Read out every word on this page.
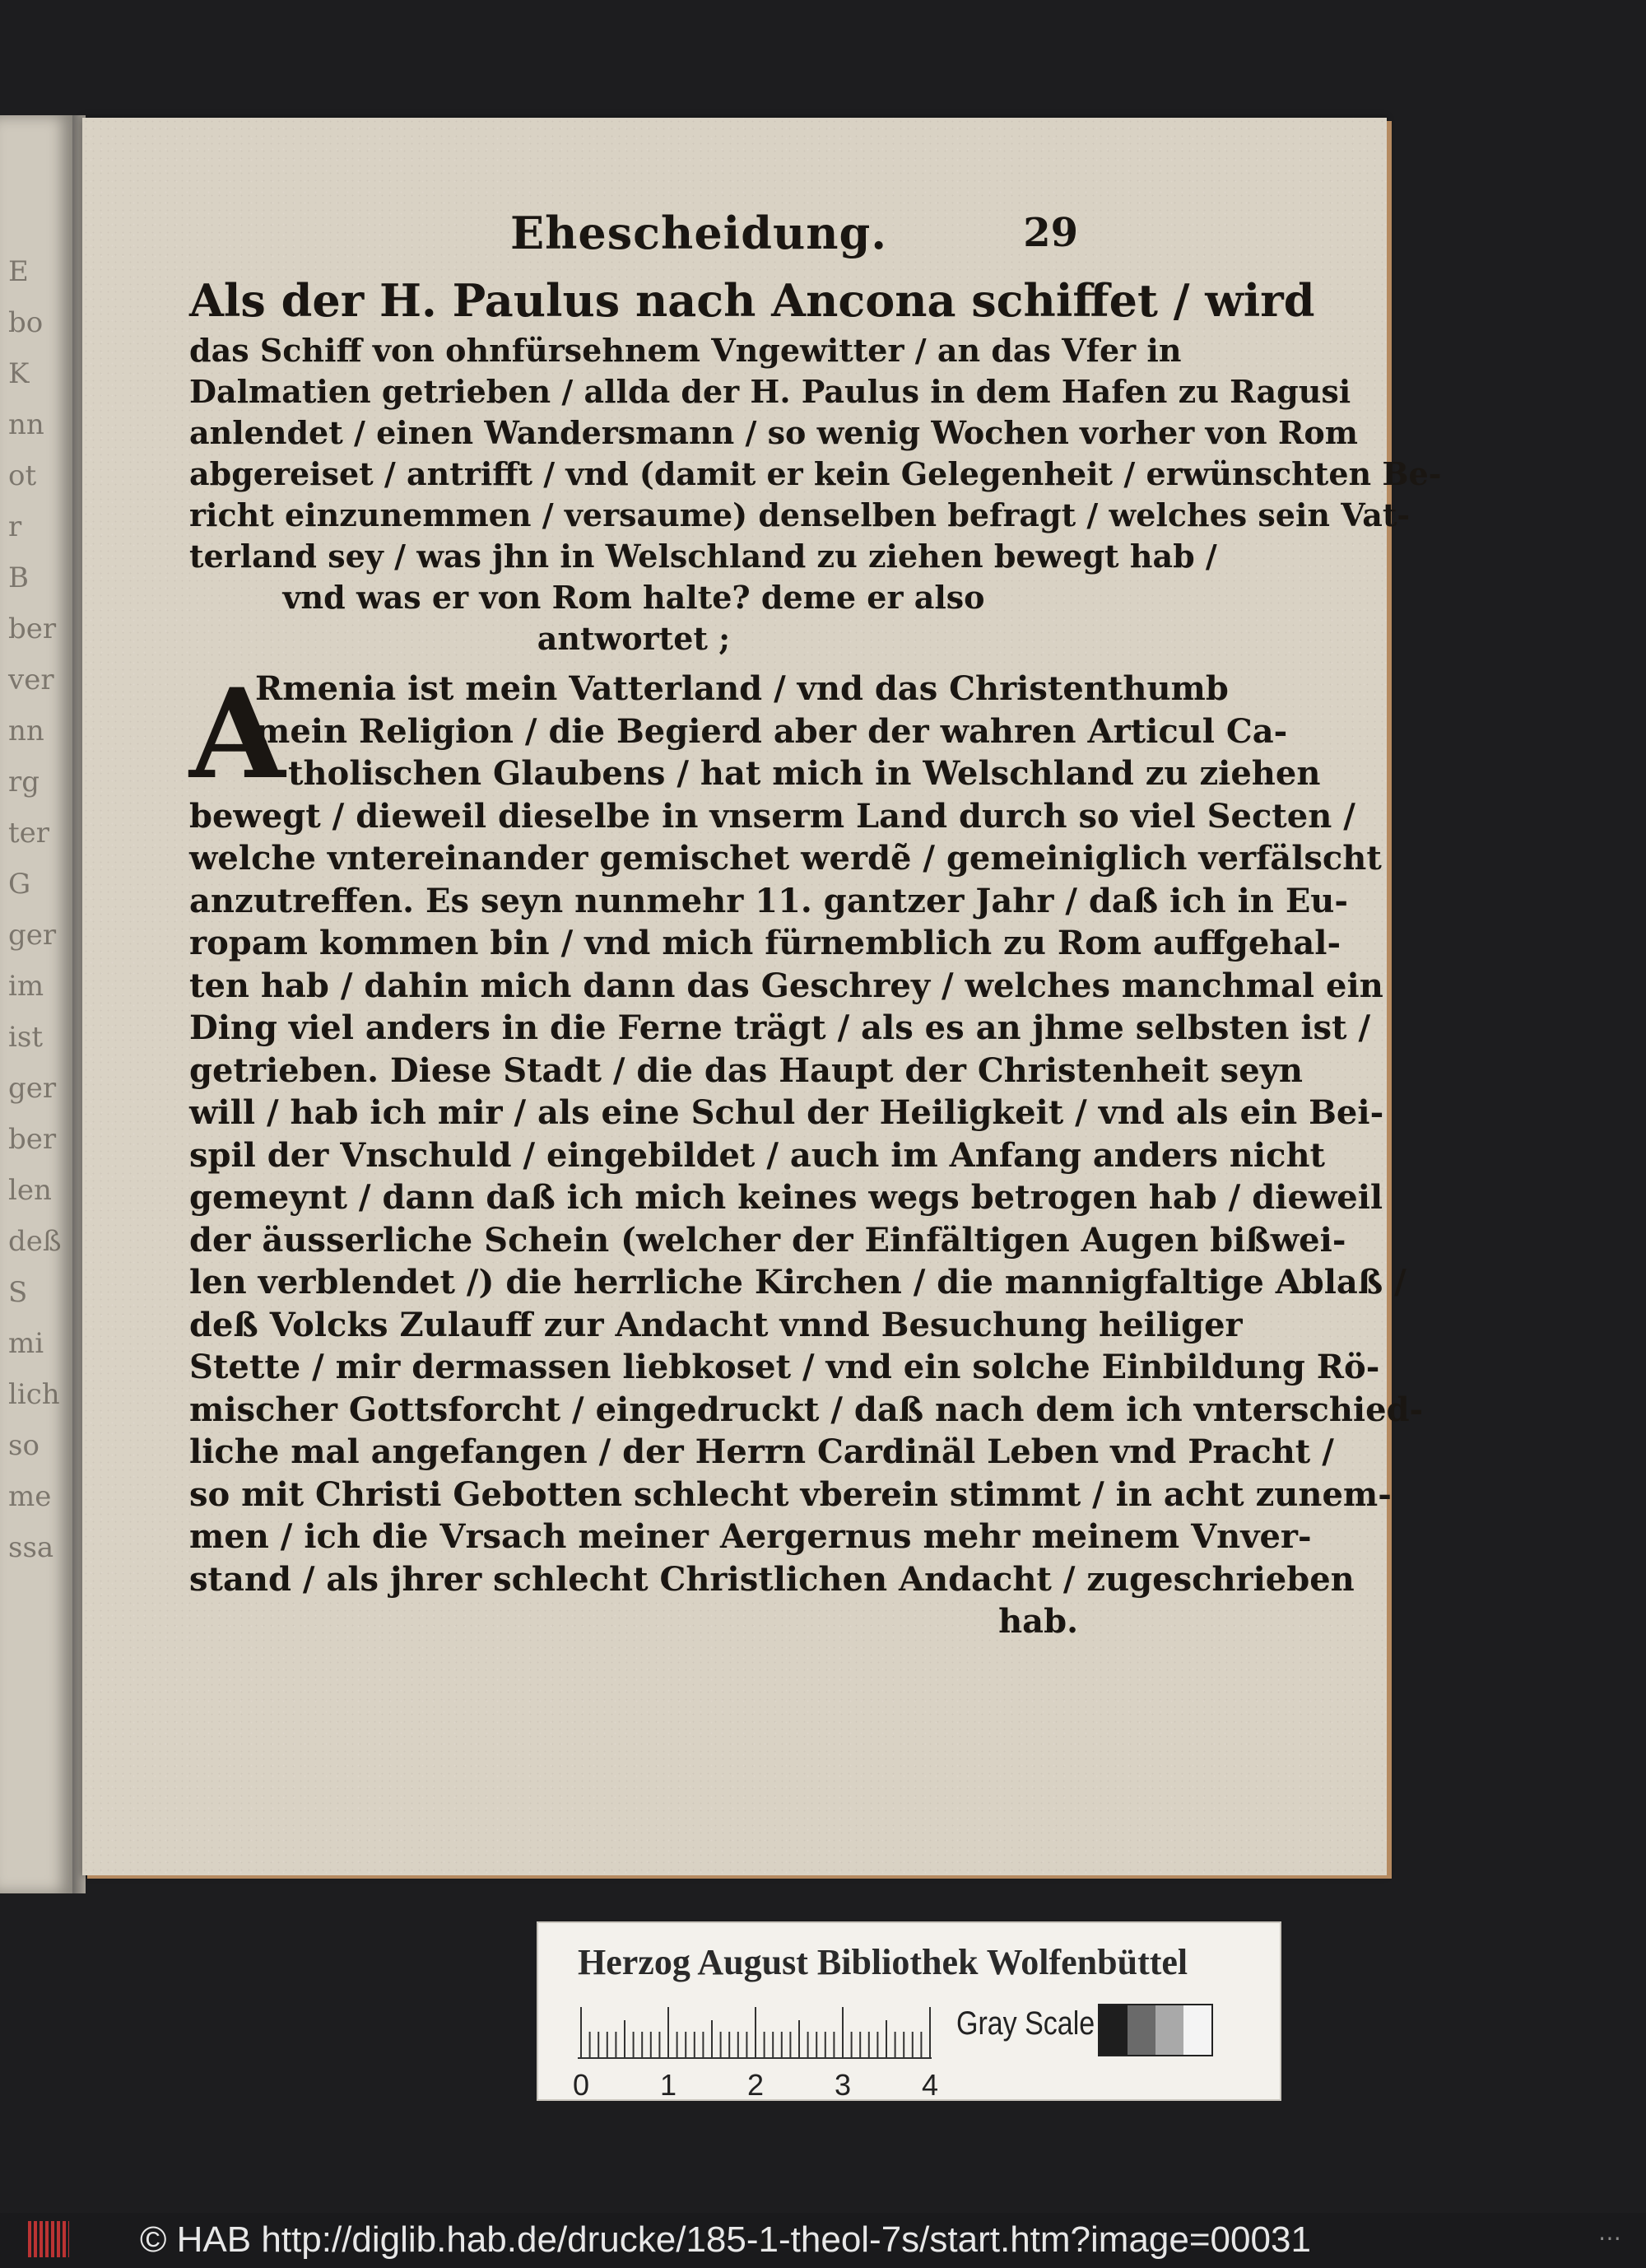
E
bo
K
nn
ot
r
B
ber
ver
nn
rg
ter
G
ger
im
ist
ger
ber
len
deß
S
mi
lich
so
me
ssa
Ehescheidung.	29
Als der H. Paulus nach Ancona schiffet / wird
das Schiff von ohnfürsehnem Vngewitter / an das Vfer in
Dalmatien getrieben / allda der H. Paulus in dem Hafen zu Ragusi
anlendet / einen Wandersmann / so wenig Wochen vorher von Rom
abgereiset / antrifft / vnd (damit er kein Gelegenheit / erwünschten Be-
richt einzunemmen / versaume) denselben befragt / welches sein Vat-
terland sey / was jhn in Welschland zu ziehen bewegt hab /
vnd was er von Rom halte? deme er also
antwortet ;
A
Rmenia ist mein Vatterland / vnd das Christenthumb
mein Religion / die Begierd aber der wahren Articul Ca-
tholischen Glaubens / hat mich in Welschland zu ziehen
bewegt / dieweil dieselbe in vnserm Land durch so viel Secten /
welche vntereinander gemischet werdẽ / gemeiniglich verfälscht
anzutreffen. Es seyn nunmehr 11. gantzer Jahr / daß ich in Eu-
ropam kommen bin / vnd mich fürnemblich zu Rom auffgehal-
ten hab / dahin mich dann das Geschrey / welches manchmal ein
Ding viel anders in die Ferne trägt / als es an jhme selbsten ist /
getrieben. Diese Stadt / die das Haupt der Christenheit seyn
will / hab ich mir / als eine Schul der Heiligkeit / vnd als ein Bei-
spil der Vnschuld / eingebildet / auch im Anfang anders nicht
gemeynt / dann daß ich mich keines wegs betrogen hab / dieweil
der äusserliche Schein (welcher der Einfältigen Augen bißwei-
len verblendet /) die herrliche Kirchen / die mannigfaltige Ablaß /
deß Volcks Zulauff zur Andacht vnnd Besuchung heiliger
Stette / mir dermassen liebkoset / vnd ein solche Einbildung Rö-
mischer Gottsforcht / eingedruckt / daß nach dem ich vnterschied-
liche mal angefangen / der Herrn Cardinäl Leben vnd Pracht /
so mit Christi Gebotten schlecht vberein stimmt / in acht zunem-
men / ich die Vrsach meiner Aergernus mehr meinem Vnver-
stand / als jhrer schlecht Christlichen Andacht / zugeschrieben
hab.
Herzog August Bibliothek Wolfenbüttel
0 1 2 3 4
Gray Scale
© HAB http://diglib.hab.de/drucke/185-1-theol-7s/start.htm?image=00031	⋯
